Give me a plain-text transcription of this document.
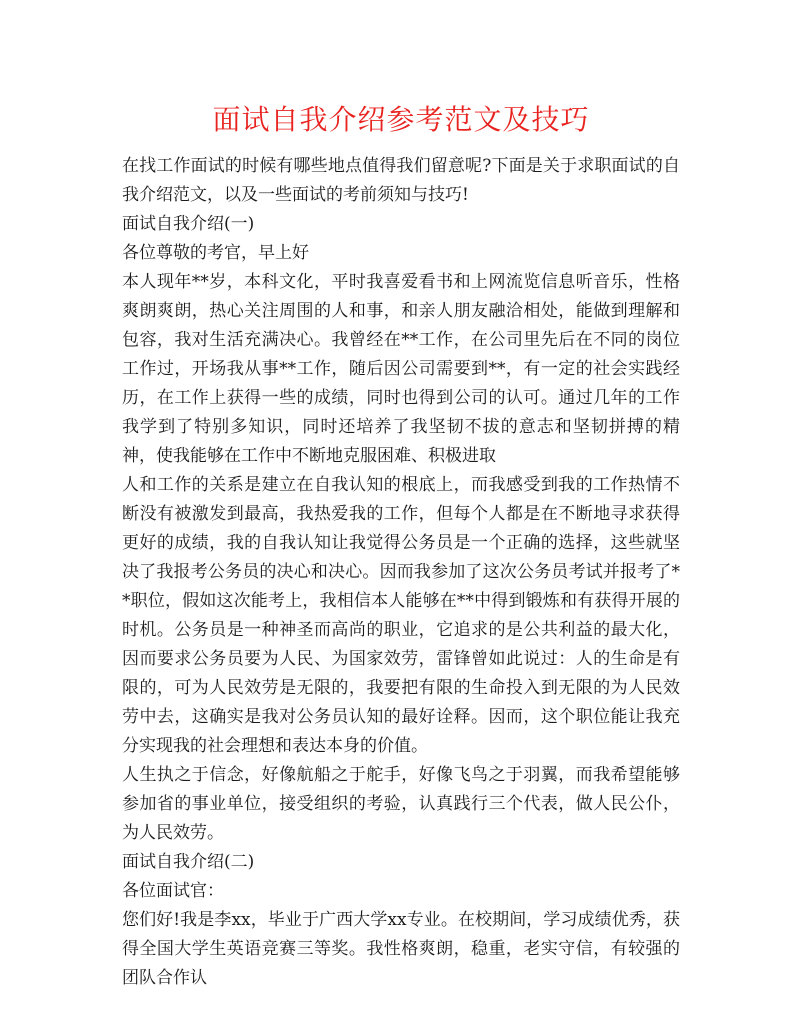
面试自我介绍参考范文及技巧

在找工作面试的时候有哪些地点值得我们留意呢?下面是关于求职面试的自我介绍范文，以及一些面试的考前须知与技巧!

面试自我介绍(一)

各位尊敬的考官，早上好

本人现年**岁，本科文化，平时我喜爱看书和上网流览信息听音乐，性格爽朗爽朗，热心关注周围的人和事，和亲人朋友融洽相处，能做到理解和包容，我对生活充满决心。我曾经在**工作，在公司里先后在不同的岗位工作过，开场我从事**工作，随后因公司需要到**，有一定的社会实践经历，在工作上获得一些的成绩，同时也得到公司的认可。通过几年的工作我学到了特别多知识，同时还培养了我坚韧不拔的意志和坚韧拼搏的精神，使我能够在工作中不断地克服困难、积极进取

人和工作的关系是建立在自我认知的根底上，而我感受到我的工作热情不断没有被激发到最高，我热爱我的工作，但每个人都是在不断地寻求获得更好的成绩，我的自我认知让我觉得公务员是一个正确的选择，这些就坚决了我报考公务员的决心和决心。因而我参加了这次公务员考试并报考了**职位，假如这次能考上，我相信本人能够在**中得到锻炼和有获得开展的时机。公务员是一种神圣而高尚的职业，它追求的是公共利益的最大化，因而要求公务员要为人民、为国家效劳，雷锋曾如此说过：人的生命是有限的，可为人民效劳是无限的，我要把有限的生命投入到无限的为人民效劳中去，这确实是我对公务员认知的最好诠释。因而，这个职位能让我充分实现我的社会理想和表达本身的价值。

人生执之于信念，好像航船之于舵手，好像飞鸟之于羽翼，而我希望能够参加省的事业单位，接受组织的考验，认真践行三个代表，做人民公仆，为人民效劳。

面试自我介绍(二)

各位面试官：

您们好!我是李xx，毕业于广西大学xx专业。在校期间，学习成绩优秀，获得全国大学生英语竞赛三等奖。我性格爽朗，稳重，老实守信，有较强的团队合作认
